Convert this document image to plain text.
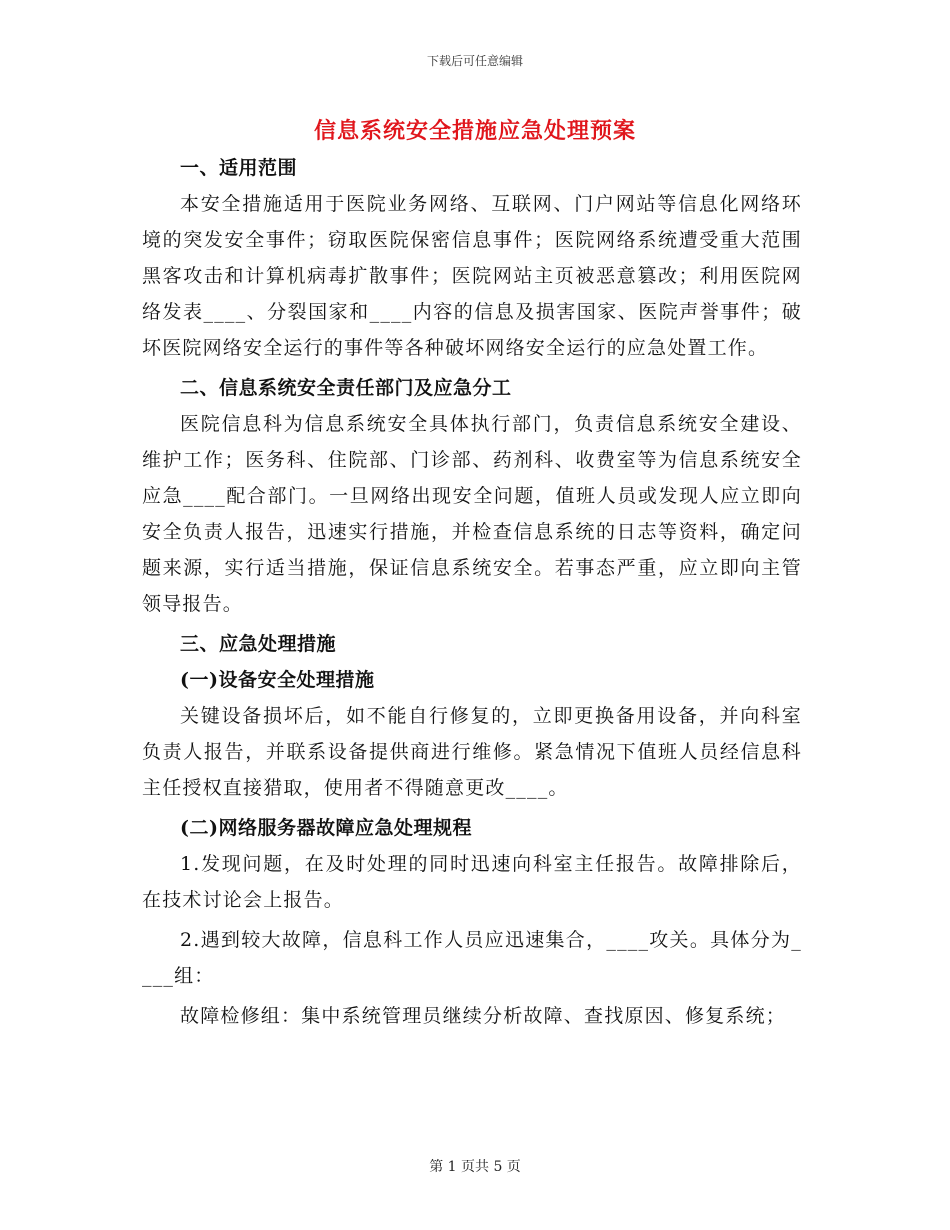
下载后可任意编辑
信息系统安全措施应急处理预案

一、适用范围

本安全措施适用于医院业务网络、互联网、门户网站等信息化网络环境的突发安全事件；窃取医院保密信息事件；医院网络系统遭受重大范围黑客攻击和计算机病毒扩散事件；医院网站主页被恶意篡改；利用医院网络发表____、分裂国家和____内容的信息及损害国家、医院声誉事件；破坏医院网络安全运行的事件等各种破坏网络安全运行的应急处置工作。

二、信息系统安全责任部门及应急分工

医院信息科为信息系统安全具体执行部门，负责信息系统安全建设、维护工作；医务科、住院部、门诊部、药剂科、收费室等为信息系统安全应急____配合部门。一旦网络出现安全问题，值班人员或发现人应立即向安全负责人报告，迅速实行措施，并检查信息系统的日志等资料，确定问题来源，实行适当措施，保证信息系统安全。若事态严重，应立即向主管领导报告。

三、应急处理措施

(一)设备安全处理措施

关键设备损坏后，如不能自行修复的，立即更换备用设备，并向科室负责人报告，并联系设备提供商进行维修。紧急情况下值班人员经信息科主任授权直接猎取，使用者不得随意更改____。

(二)网络服务器故障应急处理规程

1.发现问题，在及时处理的同时迅速向科室主任报告。故障排除后，在技术讨论会上报告。

2.遇到较大故障，信息科工作人员应迅速集合，____攻关。具体分为____组：

故障检修组：集中系统管理员继续分析故障、查找原因、修复系统；

第 1 页共 5 页
